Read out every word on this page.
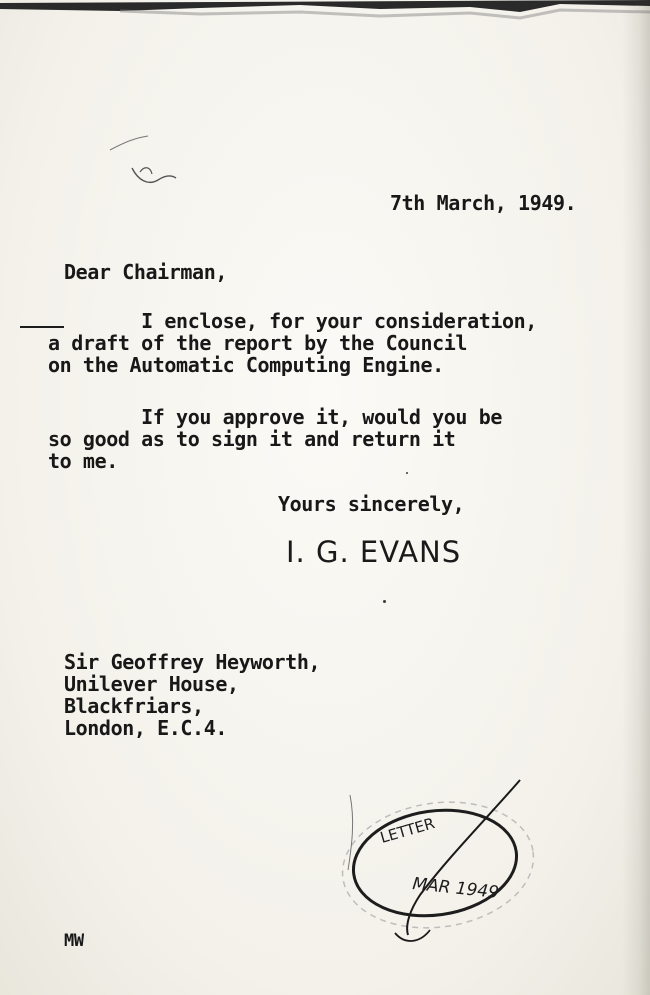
7th March, 1949.

Dear Chairman,

I enclose, for your consideration,
a draft of the report by the Council
on the Automatic Computing Engine.

If you approve it, would you be
so good as to sign it and return it
to me.

Yours sincerely,

I. G. EVANS

Sir Geoffrey Heyworth,
Unilever House,
Blackfriars,
London, E.C.4.

LETTER
MAR 1949

MW
